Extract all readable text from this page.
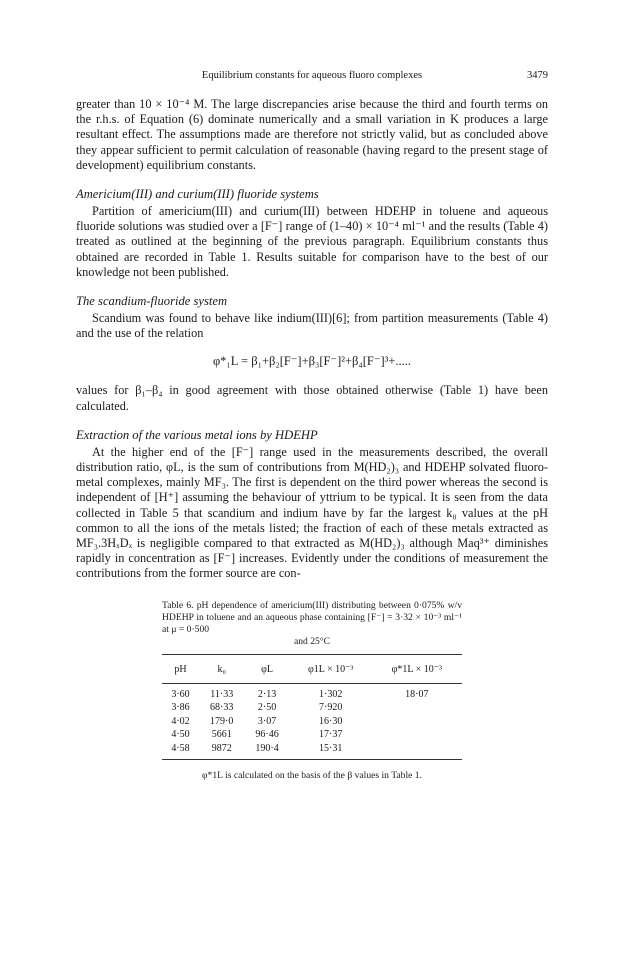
Equilibrium constants for aqueous fluoro complexes	3479

greater than 10 × 10⁻⁴ M. The large discrepancies arise because the third and fourth terms on the r.h.s. of Equation (6) dominate numerically and a small variation in K produces a large resultant effect. The assumptions made are therefore not strictly valid, but as concluded above they appear sufficient to permit calculation of reasonable (having regard to the present stage of development) equilibrium constants.

Americium(III) and curium(III) fluoride systems

Partition of americium(III) and curium(III) between HDEHP in toluene and aqueous fluoride solutions was studied over a [F⁻] range of (1–40) × 10⁻⁴ ml⁻¹ and the results (Table 4) treated as outlined at the beginning of the previous paragraph. Equilibrium constants thus obtained are recorded in Table 1. Results suitable for comparison have to the best of our knowledge not been published.

The scandium-fluoride system

Scandium was found to behave like indium(III)[6]; from partition measurements (Table 4) and the use of the relation

φ*₁L = β₁+β₂[F⁻]+β₃[F⁻]²+β₄[F⁻]³+.....

values for β₁–β₄ in good agreement with those obtained otherwise (Table 1) have been calculated.

Extraction of the various metal ions by HDEHP

At the higher end of the [F⁻] range used in the measurements described, the overall distribution ratio, φL, is the sum of contributions from M(HD₂)₃ and HDEHP solvated fluoro-metal complexes, mainly MF₃. The first is dependent on the third power whereas the second is independent of [H⁺] assuming the behaviour of yttrium to be typical. It is seen from the data collected in Table 5 that scandium and indium have by far the largest k₀ values at the pH common to all the ions of the metals listed; the fraction of each of these metals extracted as MF₃.3HₓDₓ is negligible compared to that extracted as M(HD₂)₃ although Maq³⁺ diminishes rapidly in concentration as [F⁻] increases. Evidently under the conditions of measurement the contributions from the former source are con-

Table 6. pH dependence of americium(III) distributing between 0·075% w/v HDEHP in toluene and an aqueous phase containing [F⁻] = 3·32 × 10⁻³ ml⁻¹ at μ = 0·500
and 25°C
pH	k₀	φL	φ1L × 10⁻³	φ*1L × 10⁻³
3·60	11·33	2·13	1·302	18·07
3·86	68·33	2·50	7·920	
4·02	179·0	3·07	16·30	
4·50	5661	96·46	17·37	
4·58	9872	190·4	15·31	
φ*1L is calculated on the basis of the β values in Table 1.
